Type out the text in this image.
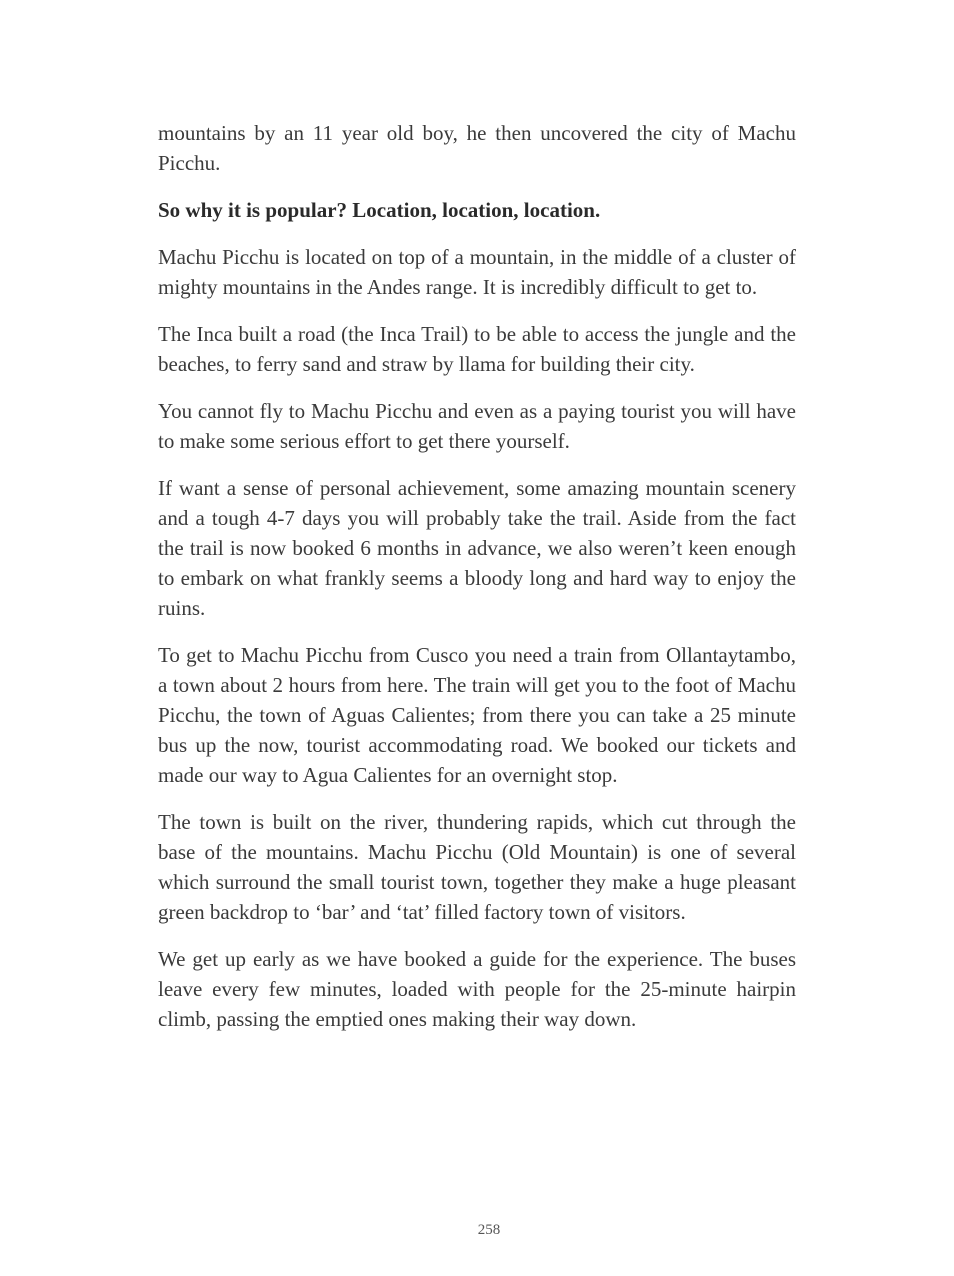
mountains by an 11 year old boy, he then uncovered the city of Machu Picchu.

So why it is popular? Location, location, location.

Machu Picchu is located on top of a mountain, in the middle of a cluster of mighty mountains in the Andes range. It is incredibly difficult to get to.

The Inca built a road (the Inca Trail) to be able to access the jungle and the beaches, to ferry sand and straw by llama for building their city.

You cannot fly to Machu Picchu and even as a paying tourist you will have to make some serious effort to get there yourself.

If want a sense of personal achievement, some amazing mountain scenery and a tough 4-7 days you will probably take the trail. Aside from the fact the trail is now booked 6 months in advance, we also weren’t keen enough to embark on what frankly seems a bloody long and hard way to enjoy the ruins.

To get to Machu Picchu from Cusco you need a train from Ollantaytambo, a town about 2 hours from here. The train will get you to the foot of Machu Picchu, the town of Aguas Calientes; from there you can take a 25 minute bus up the now, tourist accommodating road. We booked our tickets and made our way to Agua Calientes for an overnight stop.

The town is built on the river, thundering rapids, which cut through the base of the mountains. Machu Picchu (Old Mountain) is one of several which surround the small tourist town, together they make a huge pleasant green backdrop to ‘bar’ and ‘tat’ filled factory town of visitors.

We get up early as we have booked a guide for the experience. The buses leave every few minutes, loaded with people for the 25-minute hairpin climb, passing the emptied ones making their way down.

258
